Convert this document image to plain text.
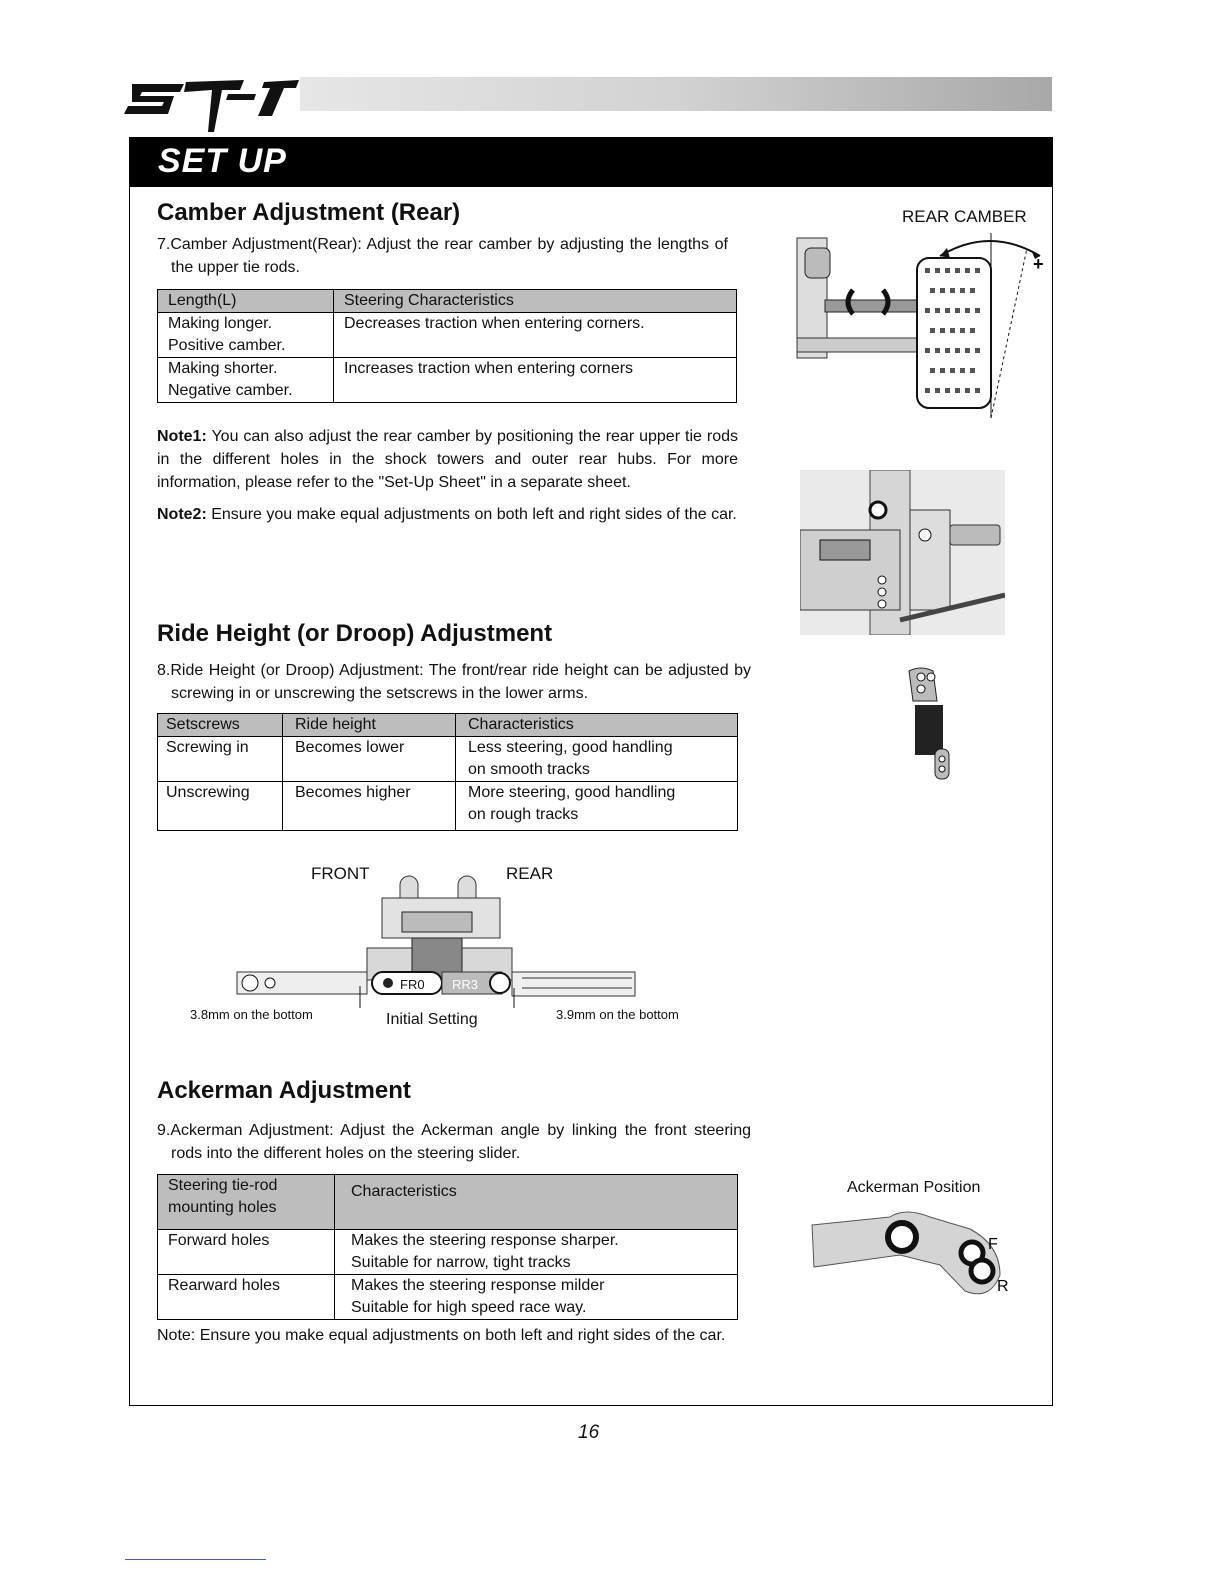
ST-1
SET UP
Camber Adjustment (Rear)

7.Camber Adjustment(Rear): Adjust the rear camber by adjusting the lengths of the upper tie rods.

Length(L)	Steering Characteristics
Making longer.
Positive camber.	Decreases traction when entering corners.
Making shorter.
Negative camber.	Increases traction when entering corners

Note1: You can also adjust the rear camber by positioning the rear upper tie rods in the different holes in the shock towers and outer rear hubs. For more information, please refer to the "Set-Up Sheet" in a separate sheet.

Note2: Ensure you make equal adjustments on both left and right sides of the car.

REAR CAMBER
+
Ride Height (or Droop) Adjustment

8.Ride Height (or Droop) Adjustment: The front/rear ride height can be adjusted by screwing in or unscrewing the setscrews in the lower arms.

Setscrews	Ride height	Characteristics
Screwing in	Becomes lower	Less steering, good handling
on smooth tracks
Unscrewing	Becomes higher	More steering, good handling
on rough tracks
FRONT	REAR
FR0 RR3
3.8mm on the bottom	Initial Setting	3.9mm on the bottom
Ackerman Adjustment

9.Ackerman Adjustment: Adjust the Ackerman angle by linking the front steering rods into the different holes on the steering slider.

Steering tie-rod
mounting holes	Characteristics
Forward holes	Makes the steering response sharper.
Suitable for narrow, tight tracks
Rearward holes	Makes the steering response milder
Suitable for high speed race way.

Note: Ensure you make equal adjustments on both left and right sides of the car.

Ackerman Position
F
R
16
